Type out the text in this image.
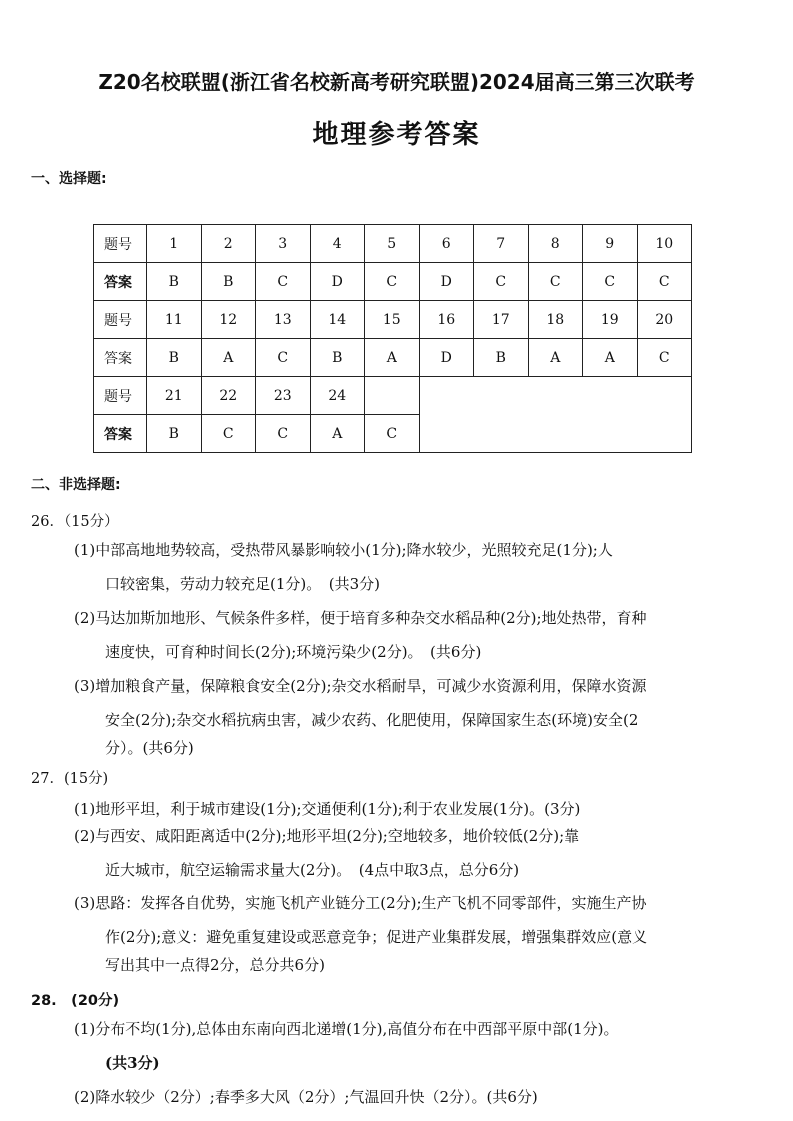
Z20名校联盟(浙江省名校新高考研究联盟)2024届高三第三次联考
地理参考答案
一、选择题:
题号	1	2	3	4	5	6	7	8	9	10
答案	B	B	C	D	C	D	C	C	C	C
题号	11	12	13	14	15	16	17	18	19	20
答案	B	A	C	B	A	D	B	A	A	C
题号	21	22	23	24						
答案	B	C	C	A	C					
二、非选择题:
26．（15分）
(1)中部高地地势较高，受热带风暴影响较小(1分);降水较少，光照较充足(1分);人
口较密集，劳动力较充足(1分)。　(共3分)
(2)马达加斯加地形、气候条件多样，便于培育多种杂交水稻品种(2分);地处热带，育种
速度快，可育种时间长(2分);环境污染少(2分)。　(共6分)
(3)增加粮食产量，保障粮食安全(2分);杂交水稻耐旱，可减少水资源利用，保障水资源
安全(2分);杂交水稻抗病虫害，减少农药、化肥使用，保障国家生态(环境)安全(2
分）。(共6分)
27．(15分)
(1)地形平坦，利于城市建设(1分);交通便利(1分);利于农业发展(1分)。(3分)
(2)与西安、咸阳距离适中(2分);地形平坦(2分);空地较多，地价较低(2分);靠
近大城市，航空运输需求量大(2分)。　(4点中取3点，总分6分)
(3)思路：发挥各自优势，实施飞机产业链分工(2分);生产飞机不同零部件，实施生产协
作(2分);意义：避免重复建设或恶意竞争；促进产业集群发展，增强集群效应(意义
写出其中一点得2分，总分共6分)
28.　(20分)
(1)分布不均(1分),总体由东南向西北递增(1分),高值分布在中西部平原中部(1分)。
(共3分)
(2)降水较少（2分）;春季多大风（2分）;气温回升快（2分）。(共6分)
